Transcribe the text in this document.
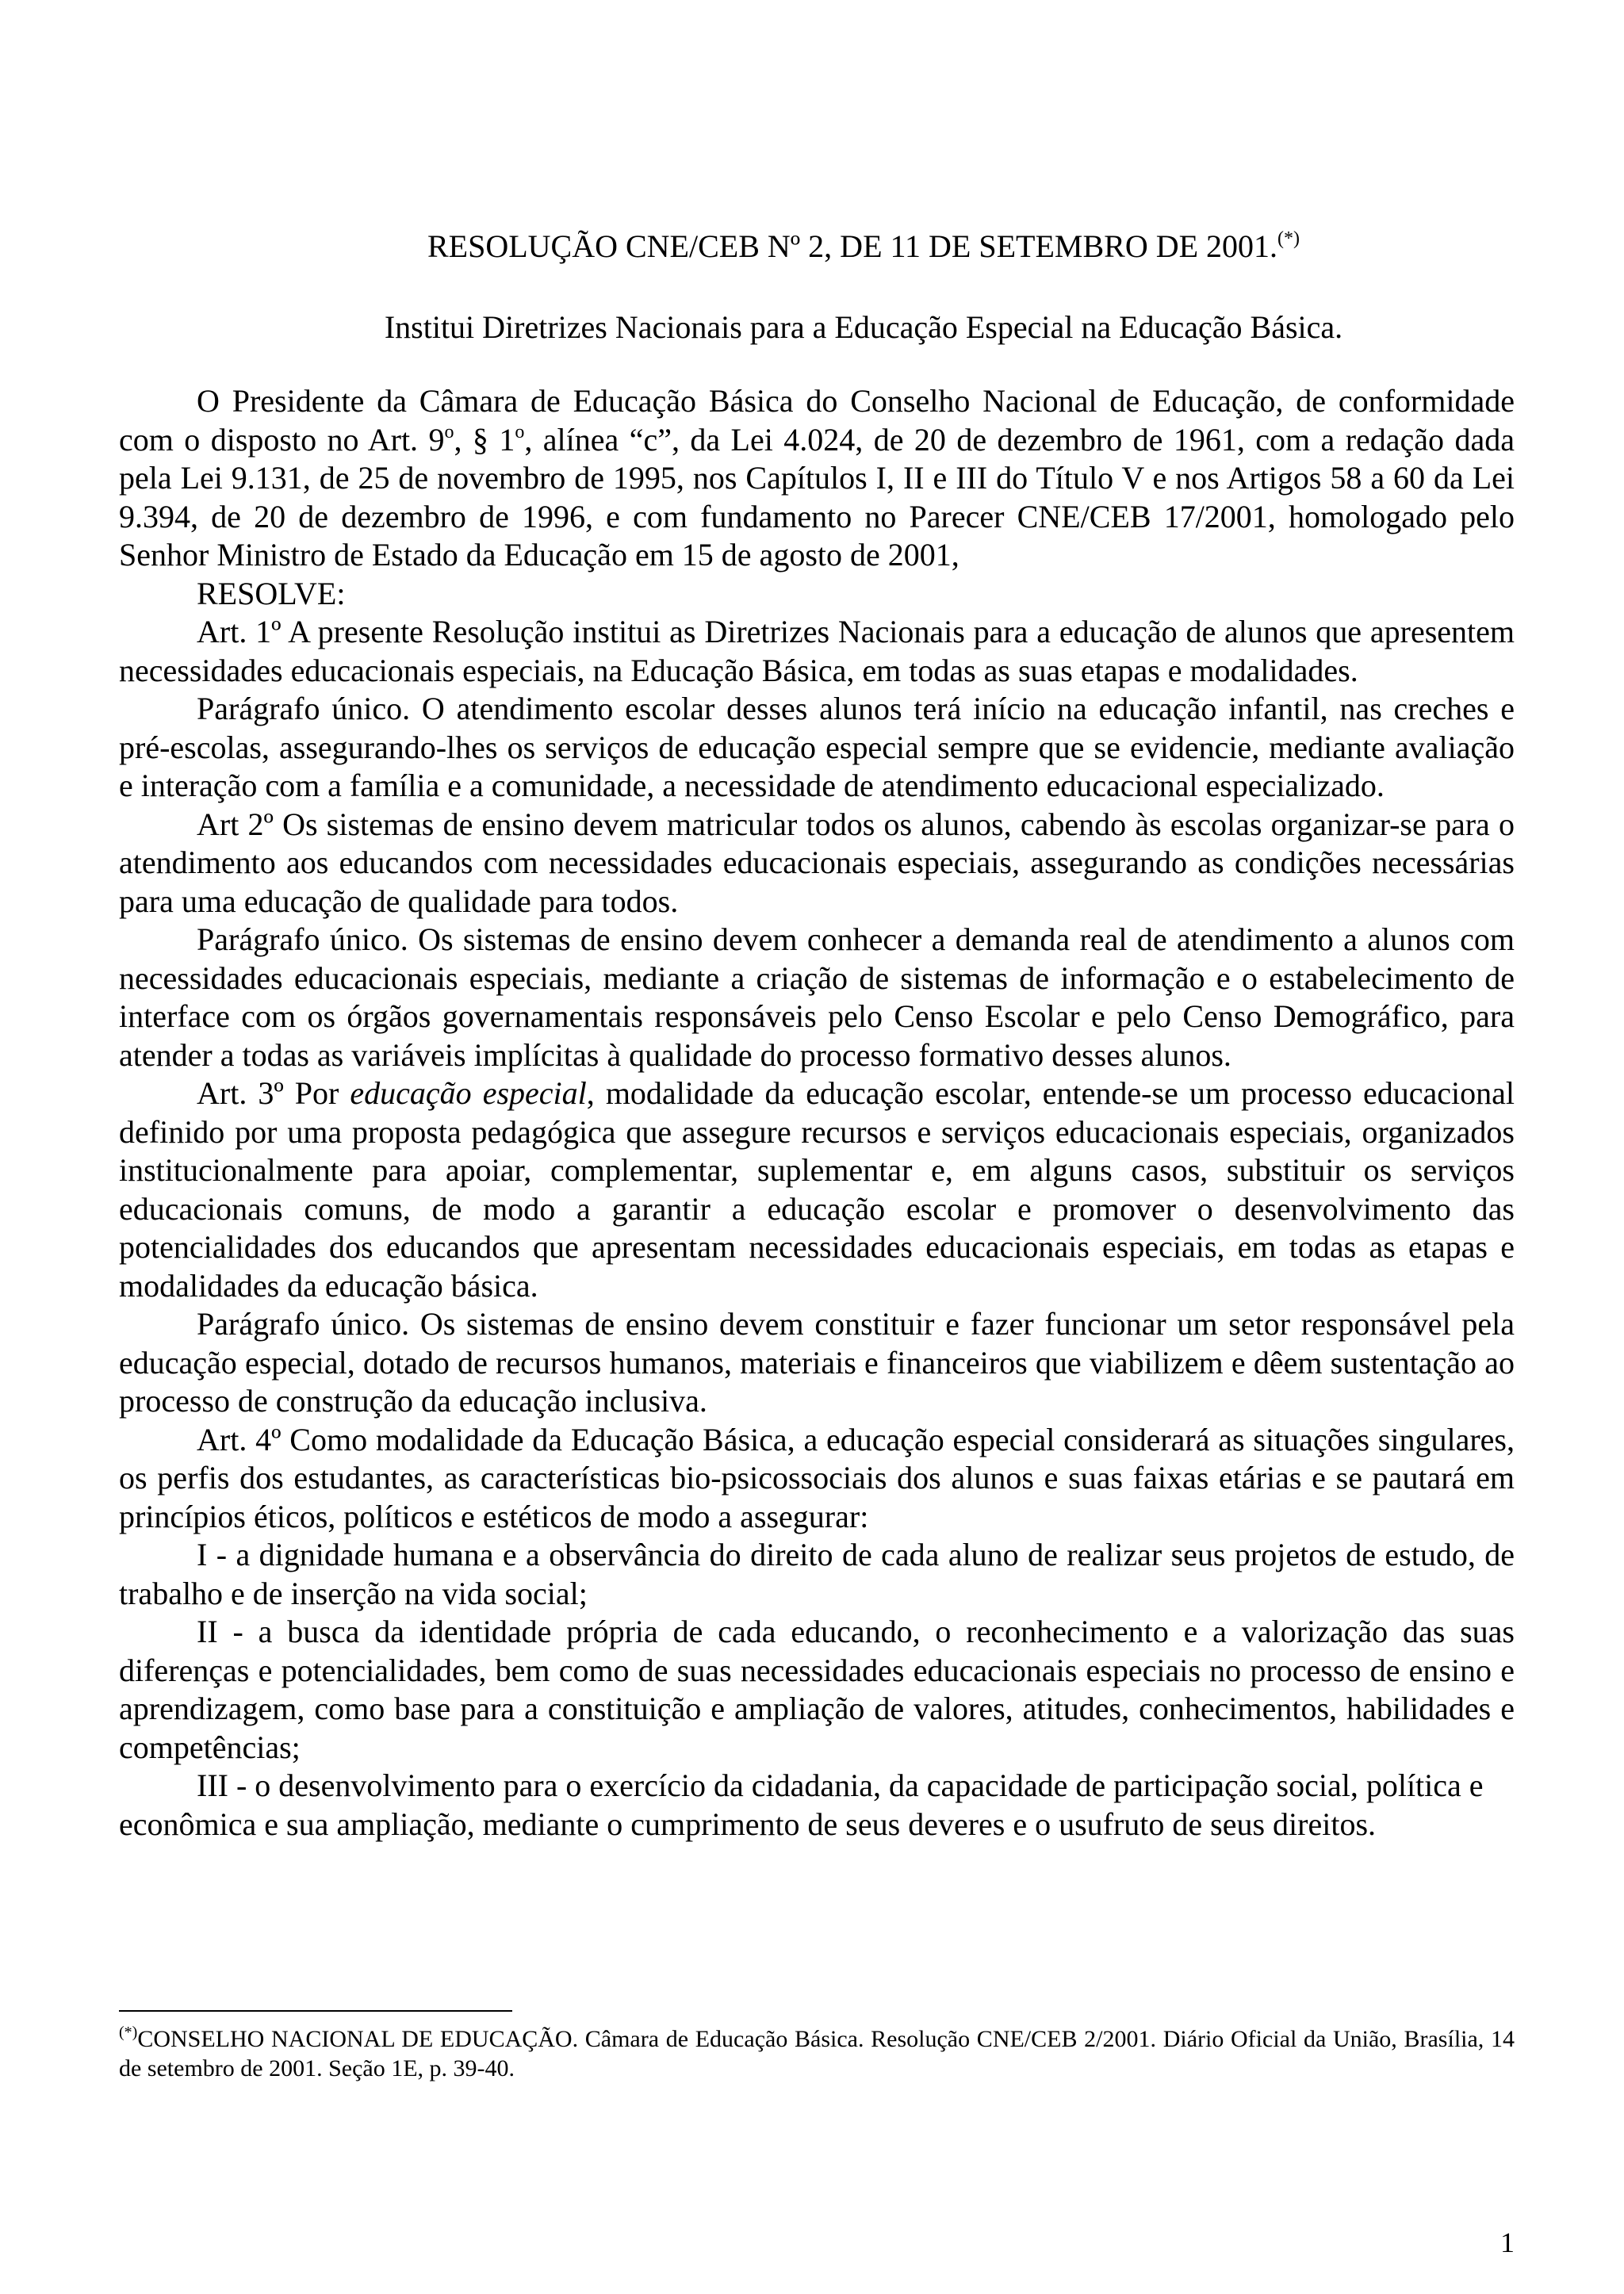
RESOLUÇÃO CNE/CEB Nº 2, DE 11 DE SETEMBRO DE 2001.(*)
Institui Diretrizes Nacionais para a Educação Especial na Educação Básica.

O Presidente da Câmara de Educação Básica do Conselho Nacional de Educação, de conformidade com o disposto no Art. 9$^o$, § 1$^o$, alínea “c”, da Lei 4.024, de 20 de dezembro de 1961, com a redação dada pela Lei 9.131, de 25 de novembro de 1995, nos Capítulos I, II e III do Título V e nos Artigos 58 a 60 da Lei 9.394, de 20 de dezembro de 1996, e com fundamento no Parecer CNE/CEB 17/2001, homologado pelo Senhor Ministro de Estado da Educação em 15 de agosto de 2001,

RESOLVE:

Art. 1º A presente Resolução institui as Diretrizes Nacionais para a educação de alunos que apresentem necessidades educacionais especiais, na Educação Básica, em todas as suas etapas e modalidades.

Parágrafo único. O atendimento escolar desses alunos terá início na educação infantil, nas creches e pré-escolas, assegurando-lhes os serviços de educação especial sempre que se evidencie, mediante avaliação e interação com a família e a comunidade, a necessidade de atendimento educacional especializado.

Art 2º Os sistemas de ensino devem matricular todos os alunos, cabendo às escolas organizar-se para o atendimento aos educandos com necessidades educacionais especiais, assegurando as condições necessárias para uma educação de qualidade para todos.

Parágrafo único. Os sistemas de ensino devem conhecer a demanda real de atendimento a alunos com necessidades educacionais especiais, mediante a criação de sistemas de informação e o estabelecimento de interface com os órgãos governamentais responsáveis pelo Censo Escolar e pelo Censo Demográfico, para atender a todas as variáveis implícitas à qualidade do processo formativo desses alunos.

Art. 3º Por educação especial, modalidade da educação escolar, entende-se um processo educacional definido por uma proposta pedagógica que assegure recursos e serviços educacionais especiais, organizados institucionalmente para apoiar, complementar, suplementar e, em alguns casos, substituir os serviços educacionais comuns, de modo a garantir a educação escolar e promover o desenvolvimento das potencialidades dos educandos que apresentam necessidades educacionais especiais, em todas as etapas e modalidades da educação básica.

Parágrafo único. Os sistemas de ensino devem constituir e fazer funcionar um setor responsável pela educação especial, dotado de recursos humanos, materiais e financeiros que viabilizem e dêem sustentação ao processo de construção da educação inclusiva.

Art. 4º Como modalidade da Educação Básica, a educação especial considerará as situações singulares, os perfis dos estudantes, as características bio-psicossociais dos alunos e suas faixas etárias e se pautará em princípios éticos, políticos e estéticos de modo a assegurar:

I - a dignidade humana e a observância do direito de cada aluno de realizar seus projetos de estudo, de trabalho e de inserção na vida social;

II - a busca da identidade própria de cada educando, o reconhecimento e a valorização das suas diferenças e potencialidades, bem como de suas necessidades educacionais especiais no processo de ensino e aprendizagem, como base para a constituição e ampliação de valores, atitudes, conhecimentos, habilidades e competências;

III - o desenvolvimento para o exercício da cidadania, da capacidade de participação social, política e econômica e sua ampliação, mediante o cumprimento de seus deveres e o usufruto de seus direitos.

(*)CONSELHO NACIONAL DE EDUCAÇÃO. Câmara de Educação Básica. Resolução CNE/CEB 2/2001. Diário Oficial da União, Brasília, 14 de setembro de 2001. Seção 1E, p. 39-40.
1
